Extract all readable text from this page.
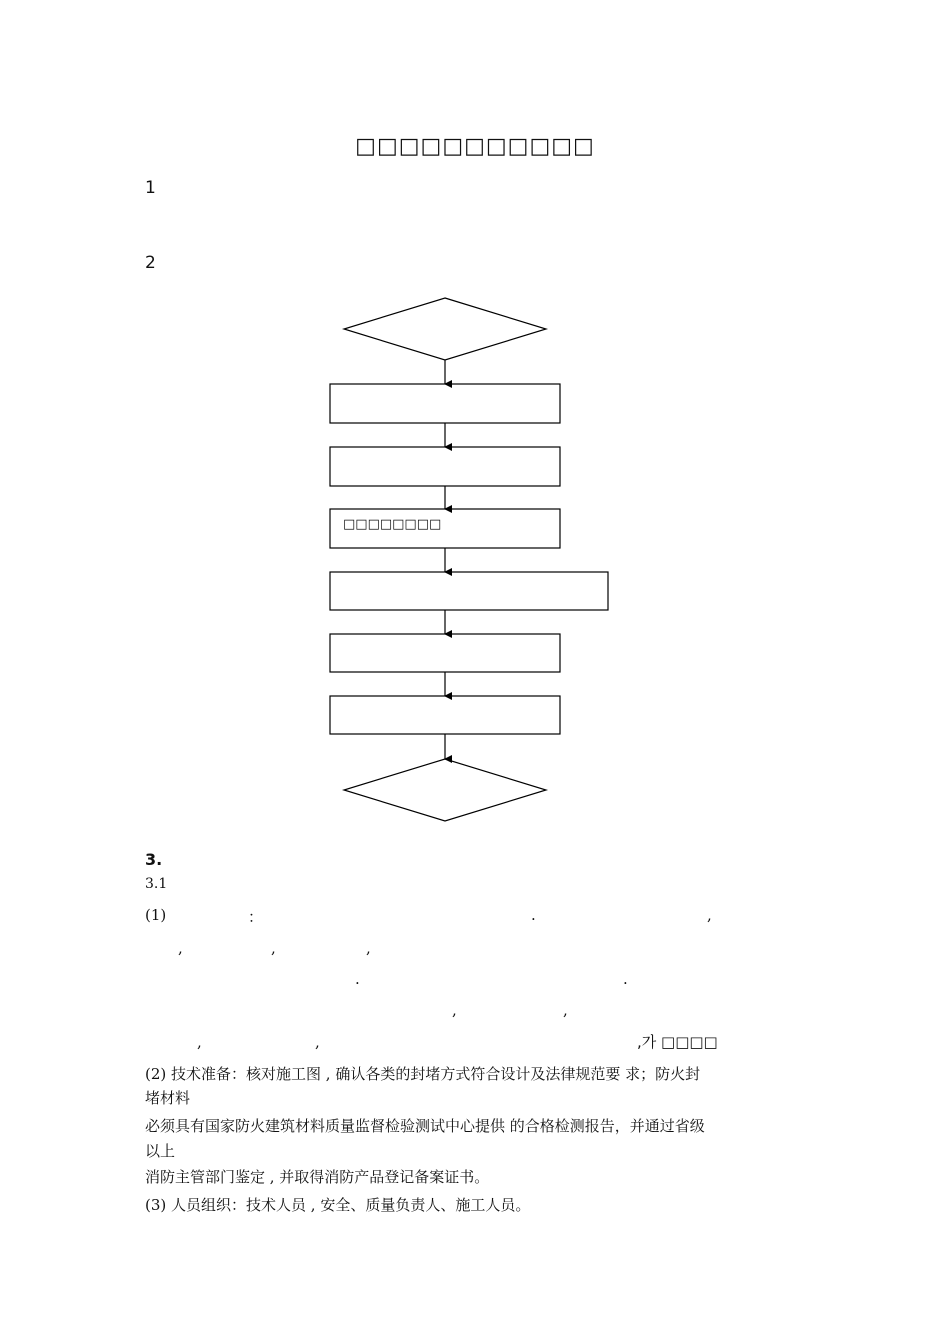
□□□□□□□□□□□
1
2
□□□□□□□□
3.
3.1
(1)	：	.	,
,	,	,
.	.
,	,
,	,	,가 □□□□
(2) 技术准备：核对施工图 , 确认各类的封堵方式符合设计及法律规范要 求；防火封
堵材料
必须具有国家防火建筑材料质量监督检验测试中心提供 的合格检测报告，并通过省级
以上
消防主管部门鉴定 , 并取得消防产品登记备案证书。
(3) 人员组织：技术人员 , 安全、质量负责人、施工人员。
